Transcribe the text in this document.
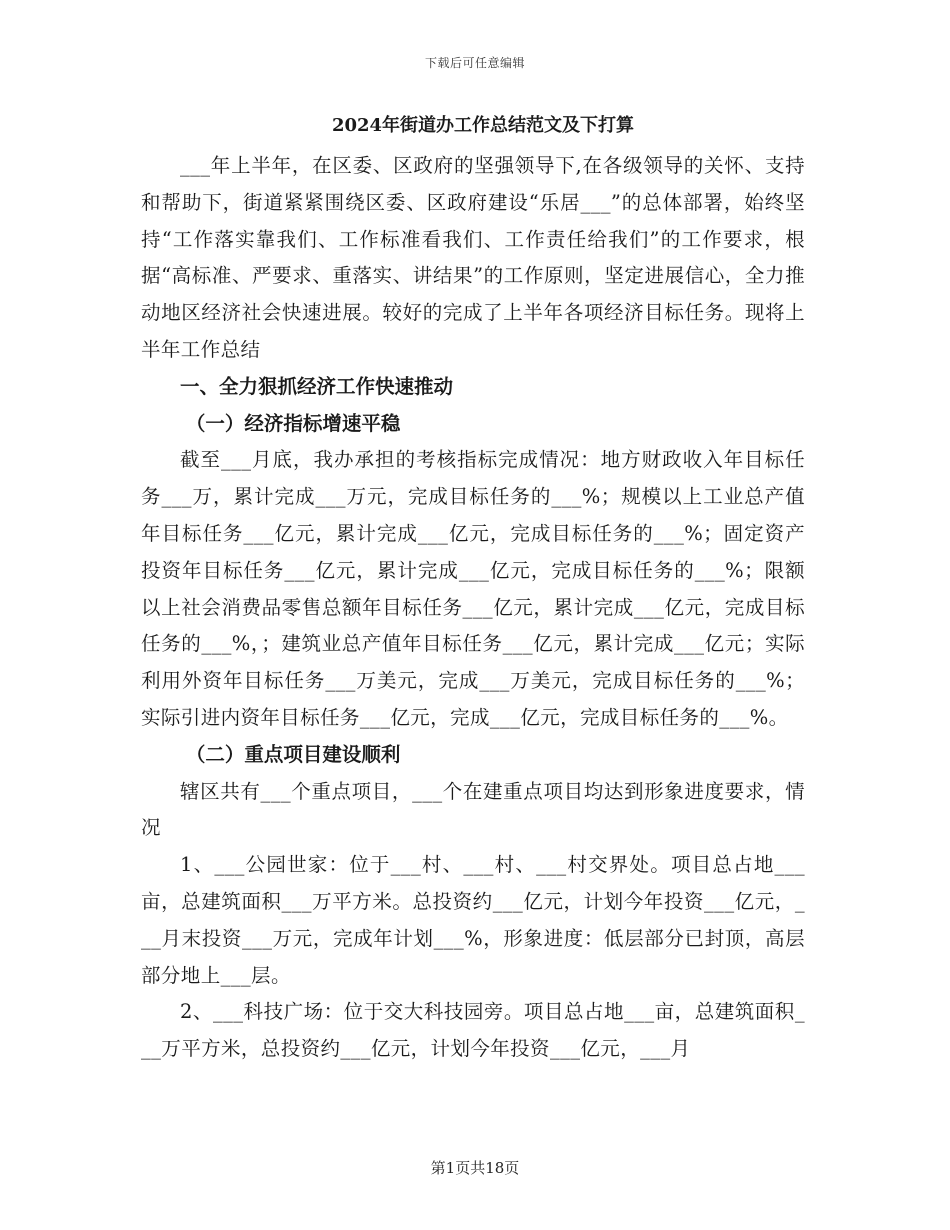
下载后可任意编辑
2024年街道办工作总结范文及下打算

___年上半年，在区委、区政府的坚强领导下,在各级领导的关怀、支持和帮助下，街道紧紧围绕区委、区政府建设“乐居___”的总体部署，始终坚持“工作落实靠我们、工作标准看我们、工作责任给我们”的工作要求，根据“高标准、严要求、重落实、讲结果”的工作原则，坚定进展信心，全力推动地区经济社会快速进展。较好的完成了上半年各项经济目标任务。现将上半年工作总结

一、全力狠抓经济工作快速推动
（一）经济指标增速平稳

截至___月底，我办承担的考核指标完成情况：地方财政收入年目标任务___万，累计完成___万元，完成目标任务的___%；规模以上工业总产值年目标任务___亿元，累计完成___亿元，完成目标任务的___%；固定资产投资年目标任务___亿元，累计完成___亿元，完成目标任务的___%；限额以上社会消费品零售总额年目标任务___亿元，累计完成___亿元，完成目标任务的___%，；建筑业总产值年目标任务___亿元，累计完成___亿元；实际利用外资年目标任务___万美元，完成___万美元，完成目标任务的___%；实际引进内资年目标任务___亿元，完成___亿元，完成目标任务的___%。

（二）重点项目建设顺利

辖区共有___个重点项目，___个在建重点项目均达到形象进度要求，情况

1、___公园世家：位于___村、___村、___村交界处。项目总占地___亩，总建筑面积___万平方米。总投资约___亿元，计划今年投资___亿元，___月末投资___万元，完成年计划___%，形象进度：低层部分已封顶，高层部分地上___层。

2、___科技广场：位于交大科技园旁。项目总占地___亩，总建筑面积___万平方米，总投资约___亿元，计划今年投资___亿元，___月

第1页共18页
